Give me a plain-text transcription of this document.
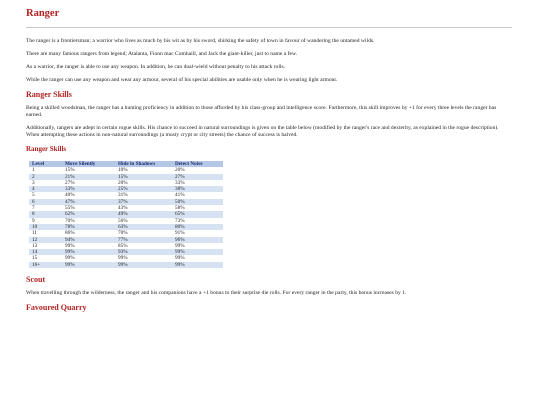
Ranger

The ranger is a frontiersman; a warrior who lives as much by his wit as by his sword, shirking the safety of town in favour of wandering the untamed wilds.

There are many famous rangers from legend; Atalanta, Fionn mac Cumhaill, and Jack the giant-killer, just to name a few.

As a warrior, the ranger is able to use any weapon. In addition, he can dual-wield without penalty to his attack rolls.

While the ranger can use any weapon and wear any armour, several of his special abilities are usable only when he is wearing light armour.

Ranger Skills

Being a skilled woodsman, the ranger has a hunting proficiency in addition to those afforded by his class-group and intelligence score. Furthermore, this skill improves by +1 for every three levels the ranger has earned.

Additionally, rangers are adept in certain rogue skills. His chance to succeed in natural surroundings is given on the table below (modified by the ranger's race and dexterity, as explained in the rogue description). When attempting these actions in non-natural surroundings (a musty crypt or city streets) the chance of success is halved.

Ranger Skills
Level	Move Silently	Hide in Shadows	Detect Noise
1	15%	10%	20%
2	21%	15%	27%
3	27%	20%	33%
4	33%	25%	38%
5	40%	31%	41%
6	47%	37%	50%
7	55%	43%	58%
8	62%	49%	65%
9	70%	56%	73%
10	78%	63%	80%
11	86%	70%	91%
12	94%	77%	96%
13	99%	85%	99%
14	99%	93%	99%
15	99%	99%	99%
16+	99%	99%	99%
Scout

When travelling through the wilderness, the ranger and his companions have a +1 bonus to their surprise die rolls. For every ranger in the party, this bonus increases by 1.

Favoured Quarry
